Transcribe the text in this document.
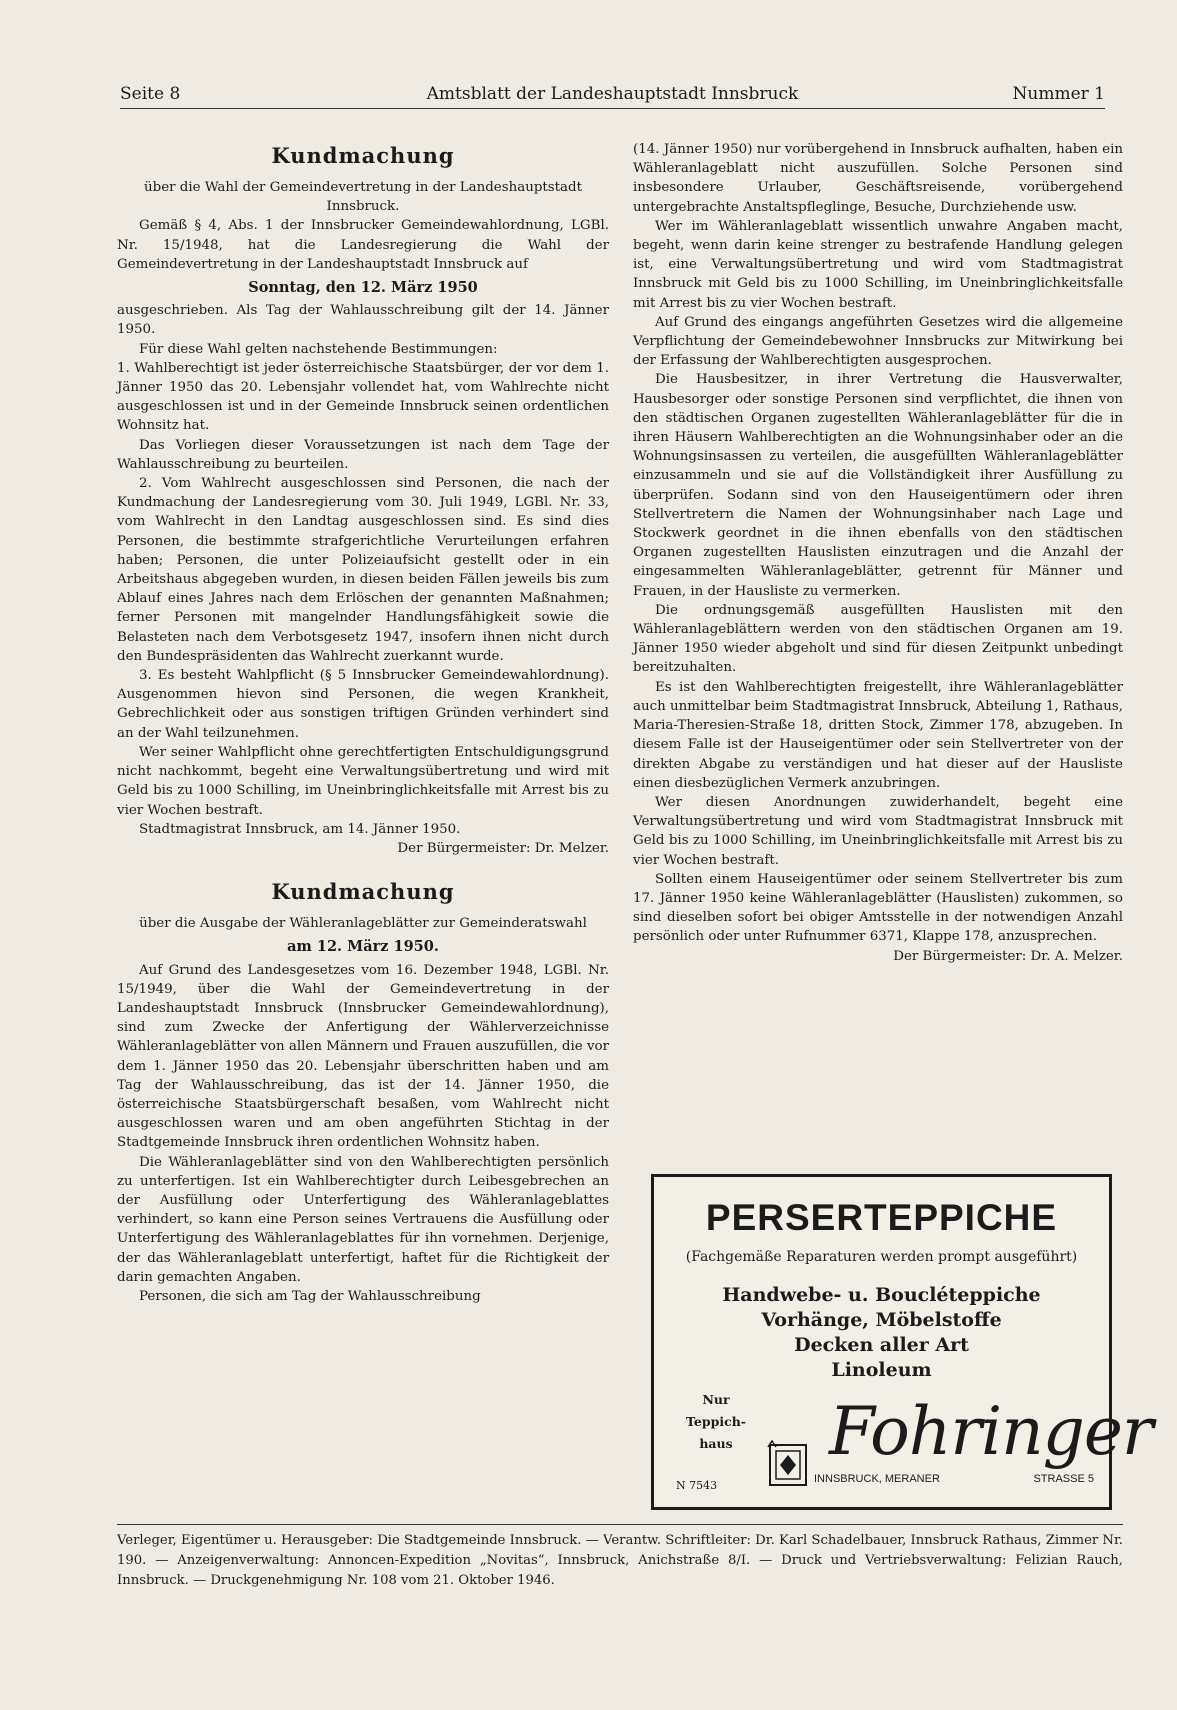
Seite 8	Amtsblatt der Landeshauptstadt Innsbruck	Nummer 1
Kundmachung

über die Wahl der Gemeindevertretung in der Landeshauptstadt Innsbruck.

Gemäß § 4, Abs. 1 der Innsbrucker Gemeindewahlordnung, LGBl. Nr. 15/1948, hat die Landesregierung die Wahl der Gemeindevertretung in der Landeshauptstadt Innsbruck auf

Sonntag, den 12. März 1950

ausgeschrieben. Als Tag der Wahlausschreibung gilt der 14. Jänner 1950.

Für diese Wahl gelten nachstehende Bestimmungen:

1. Wahlberechtigt ist jeder österreichische Staatsbürger, der vor dem 1. Jänner 1950 das 20. Lebensjahr vollendet hat, vom Wahlrechte nicht ausgeschlossen ist und in der Gemeinde Innsbruck seinen ordentlichen Wohnsitz hat.

Das Vorliegen dieser Voraussetzungen ist nach dem Tage der Wahlausschreibung zu beurteilen.

2. Vom Wahlrecht ausgeschlossen sind Personen, die nach der Kundmachung der Landesregierung vom 30. Juli 1949, LGBl. Nr. 33, vom Wahlrecht in den Landtag ausgeschlossen sind. Es sind dies Personen, die bestimmte strafgerichtliche Verurteilungen erfahren haben; Personen, die unter Polizeiaufsicht gestellt oder in ein Arbeitshaus abgegeben wurden, in diesen beiden Fällen jeweils bis zum Ablauf eines Jahres nach dem Erlöschen der genannten Maßnahmen; ferner Personen mit mangelnder Handlungsfähigkeit sowie die Belasteten nach dem Verbotsgesetz 1947, insofern ihnen nicht durch den Bundespräsidenten das Wahlrecht zuerkannt wurde.

3. Es besteht Wahlpflicht (§ 5 Innsbrucker Gemeindewahlordnung). Ausgenommen hievon sind Personen, die wegen Krankheit, Gebrechlichkeit oder aus sonstigen triftigen Gründen verhindert sind an der Wahl teilzunehmen.

Wer seiner Wahlpflicht ohne gerechtfertigten Entschuldigungsgrund nicht nachkommt, begeht eine Verwaltungsübertretung und wird mit Geld bis zu 1000 Schilling, im Uneinbringlichkeitsfalle mit Arrest bis zu vier Wochen bestraft.

Stadtmagistrat Innsbruck, am 14. Jänner 1950.

Der Bürgermeister: Dr. Melzer.

Kundmachung

über die Ausgabe der Wähleranlageblätter zur Gemeinderatswahl

am 12. März 1950.

Auf Grund des Landesgesetzes vom 16. Dezember 1948, LGBl. Nr. 15/1949, über die Wahl der Gemeindevertretung in der Landeshauptstadt Innsbruck (Innsbrucker Gemeindewahlordnung), sind zum Zwecke der Anfertigung der Wählerverzeichnisse Wähleranlageblätter von allen Männern und Frauen auszufüllen, die vor dem 1. Jänner 1950 das 20. Lebensjahr überschritten haben und am Tag der Wahlausschreibung, das ist der 14. Jänner 1950, die österreichische Staatsbürgerschaft besaßen, vom Wahlrecht nicht ausgeschlossen waren und am oben angeführten Stichtag in der Stadtgemeinde Innsbruck ihren ordentlichen Wohnsitz haben.

Die Wähleranlageblätter sind von den Wahlberechtigten persönlich zu unterfertigen. Ist ein Wahlberechtigter durch Leibesgebrechen an der Ausfüllung oder Unterfertigung des Wähleranlageblattes verhindert, so kann eine Person seines Vertrauens die Ausfüllung oder Unterfertigung des Wähleranlageblattes für ihn vornehmen. Derjenige, der das Wähleranlageblatt unterfertigt, haftet für die Richtigkeit der darin gemachten Angaben.

Personen, die sich am Tag der Wahlausschreibung

(14. Jänner 1950) nur vorübergehend in Innsbruck aufhalten, haben ein Wähleranlageblatt nicht auszufüllen. Solche Personen sind insbesondere Urlauber, Geschäftsreisende, vorübergehend untergebrachte Anstaltspfleglinge, Besuche, Durchziehende usw.

Wer im Wähleranlageblatt wissentlich unwahre Angaben macht, begeht, wenn darin keine strenger zu bestrafende Handlung gelegen ist, eine Verwaltungsübertretung und wird vom Stadtmagistrat Innsbruck mit Geld bis zu 1000 Schilling, im Uneinbringlichkeitsfalle mit Arrest bis zu vier Wochen bestraft.

Auf Grund des eingangs angeführten Gesetzes wird die allgemeine Verpflichtung der Gemeindebewohner Innsbrucks zur Mitwirkung bei der Erfassung der Wahlberechtigten ausgesprochen.

Die Hausbesitzer, in ihrer Vertretung die Hausverwalter, Hausbesorger oder sonstige Personen sind verpflichtet, die ihnen von den städtischen Organen zugestellten Wähleranlageblätter für die in ihren Häusern Wahlberechtigten an die Wohnungsinhaber oder an die Wohnungsinsassen zu verteilen, die ausgefüllten Wähleranlageblätter einzusammeln und sie auf die Vollständigkeit ihrer Ausfüllung zu überprüfen. Sodann sind von den Hauseigentümern oder ihren Stellvertretern die Namen der Wohnungsinhaber nach Lage und Stockwerk geordnet in die ihnen ebenfalls von den städtischen Organen zugestellten Hauslisten einzutragen und die Anzahl der eingesammelten Wähleranlageblätter, getrennt für Männer und Frauen, in der Hausliste zu vermerken.

Die ordnungsgemäß ausgefüllten Hauslisten mit den Wähleranlageblättern werden von den städtischen Organen am 19. Jänner 1950 wieder abgeholt und sind für diesen Zeitpunkt unbedingt bereitzuhalten.

Es ist den Wahlberechtigten freigestellt, ihre Wähleranlageblätter auch unmittelbar beim Stadtmagistrat Innsbruck, Abteilung 1, Rathaus, Maria-Theresien-Straße 18, dritten Stock, Zimmer 178, abzugeben. In diesem Falle ist der Hauseigentümer oder sein Stellvertreter von der direkten Abgabe zu verständigen und hat dieser auf der Hausliste einen diesbezüglichen Vermerk anzubringen.

Wer diesen Anordnungen zuwiderhandelt, begeht eine Verwaltungsübertretung und wird vom Stadtmagistrat Innsbruck mit Geld bis zu 1000 Schilling, im Uneinbringlichkeitsfalle mit Arrest bis zu vier Wochen bestraft.

Sollten einem Hauseigentümer oder seinem Stellvertreter bis zum 17. Jänner 1950 keine Wähleranlageblätter (Hauslisten) zukommen, so sind dieselben sofort bei obiger Amtsstelle in der notwendigen Anzahl persönlich oder unter Rufnummer 6371, Klappe 178, anzusprechen.

Der Bürgermeister: Dr. A. Melzer.

PERSERTEPPICHE
(Fachgemäße Reparaturen werden prompt ausgeführt)
Handwebe- u. Boucléteppiche
Vorhänge, Möbelstoffe
Decken aller Art
Linoleum
Nur
Teppich-
haus	Fohringer
INNSBRUCK, MERANER	STRASSE 5
N 7543
Verleger, Eigentümer u. Herausgeber: Die Stadtgemeinde Innsbruck. — Verantw. Schriftleiter: Dr. Karl Schadelbauer, Innsbruck Rathaus, Zimmer Nr. 190. — Anzeigenverwaltung: Annoncen-Expedition „Novitas“, Innsbruck, Anichstraße 8/I. — Druck und Vertriebsverwaltung: Felizian Rauch, Innsbruck. — Druckgenehmigung Nr. 108 vom 21. Oktober 1946.
